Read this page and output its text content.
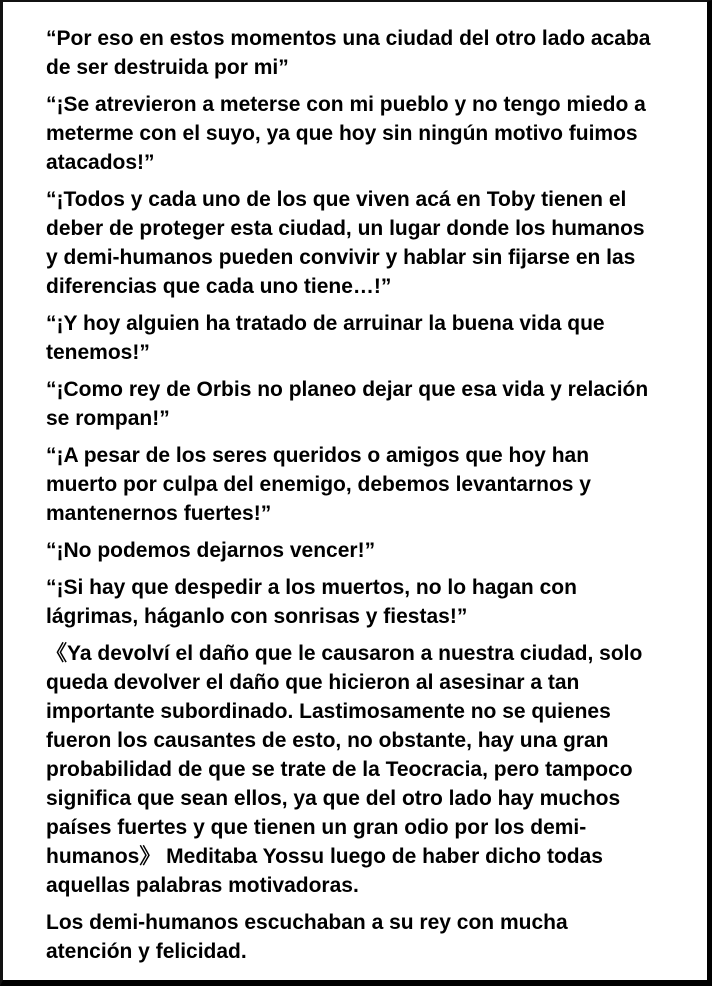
“Por eso en estos momentos una ciudad del otro lado acaba
de ser destruida por mi”

“¡Se atrevieron a meterse con mi pueblo y no tengo miedo a
meterme con el suyo, ya que hoy sin ningún motivo fuimos
atacados!”

“¡Todos y cada uno de los que viven acá en Toby tienen el
deber de proteger esta ciudad, un lugar donde los humanos
y demi-humanos pueden convivir y hablar sin fijarse en las
diferencias que cada uno tiene…!”

“¡Y hoy alguien ha tratado de arruinar la buena vida que
tenemos!”

“¡Como rey de Orbis no planeo dejar que esa vida y relación
se rompan!”

“¡A pesar de los seres queridos o amigos que hoy han
muerto por culpa del enemigo, debemos levantarnos y
mantenernos fuertes!”

“¡No podemos dejarnos vencer!”

“¡Si hay que despedir a los muertos, no lo hagan con
lágrimas, háganlo con sonrisas y fiestas!”

《Ya devolví el daño que le causaron a nuestra ciudad, solo
queda devolver el daño que hicieron al asesinar a tan
importante subordinado. Lastimosamente no se quienes
fueron los causantes de esto, no obstante, hay una gran
probabilidad de que se trate de la Teocracia, pero tampoco
significa que sean ellos, ya que del otro lado hay muchos
países fuertes y que tienen un gran odio por los demi-
humanos》 Meditaba Yossu luego de haber dicho todas
aquellas palabras motivadoras.

Los demi-humanos escuchaban a su rey con mucha
atención y felicidad.
